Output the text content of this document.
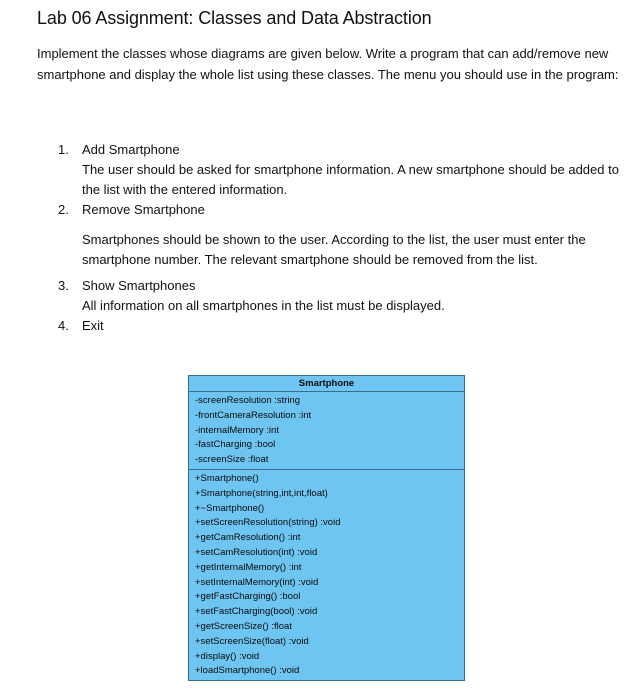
Lab 06 Assignment: Classes and Data Abstraction
Implement the classes whose diagrams are given below. Write a program that can add/remove new smartphone and display the whole list using these classes. The menu you should use in the program:
1. Add Smartphone
The user should be asked for smartphone information. A new smartphone should be added to the list with the entered information.
2. Remove Smartphone
Smartphones should be shown to the user. According to the list, the user must enter the smartphone number. The relevant smartphone should be removed from the list.
3. Show Smartphones
All information on all smartphones in the list must be displayed.
4. Exit
Smartphone
-screenResolution :string
-frontCameraResolution :int
-internalMemory :int
-fastCharging :bool
-screenSize :float
+Smartphone()
+Smartphone(string,int,int,float)
+~Smartphone()
+setScreenResolution(string) :void
+getCamResolution() :int
+setCamResolution(int) :void
+getInternalMemory() :int
+setInternalMemory(int) :void
+getFastCharging() :bool
+setFastCharging(bool) :void
+getScreenSize() :float
+setScreenSize(float) :void
+display() :void
+loadSmartphone() :void
